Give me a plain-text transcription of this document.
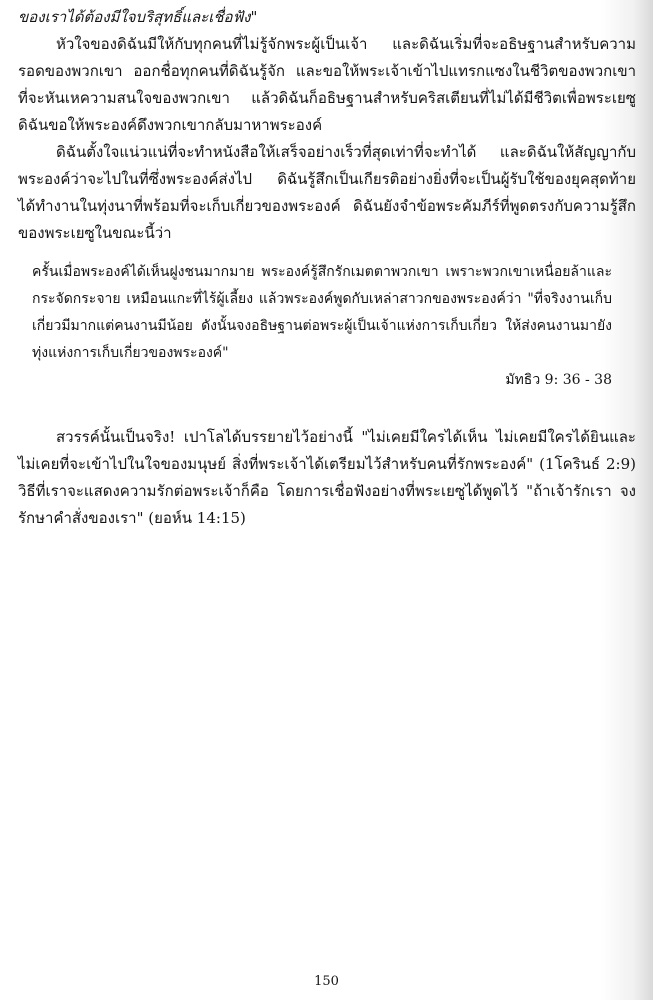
ของเราได้ต้องมีใจบริสุทธิ์และเชื่อฟัง"

หัวใจของดิฉันมีให้กับทุกคนที่ไม่รู้จักพระผู้เป็นเจ้า และดิฉันเริ่มที่จะอธิษฐานสำหรับความรอดของพวกเขา ออกชื่อทุกคนที่ดิฉันรู้จัก และขอให้พระเจ้าเข้าไปแทรกแซงในชีวิตของพวกเขา ที่จะหันเหความสนใจของพวกเขา แล้วดิฉันก็อธิษฐานสำหรับคริสเตียนที่ไม่ได้มีชีวิตเพื่อพระเยซู ดิฉันขอให้พระองค์ดึงพวกเขากลับมาหาพระองค์

ดิฉันตั้งใจแน่วแน่ที่จะทำหนังสือให้เสร็จอย่างเร็วที่สุดเท่าที่จะทำได้ และดิฉันให้สัญญากับพระองค์ว่าจะไปในที่ซึ่งพระองค์ส่งไป ดิฉันรู้สึกเป็นเกียรติอย่างยิ่งที่จะเป็นผู้รับใช้ของยุคสุดท้าย ได้ทำงานในทุ่งนาที่พร้อมที่จะเก็บเกี่ยวของพระองค์ ดิฉันยังจำข้อพระคัมภีร์ที่พูดตรงกับความรู้สึกของพระเยซูในขณะนี้ว่า

ครั้นเมื่อพระองค์ได้เห็นฝูงชนมากมาย พระองค์รู้สึกรักเมตตาพวกเขา เพราะพวกเขาเหนื่อยล้าและกระจัดกระจาย เหมือนแกะที่ไร้ผู้เลี้ยง แล้วพระองค์พูดกับเหล่าสาวกของพระองค์ว่า "ที่จริงงานเก็บเกี่ยวมีมากแต่คนงานมีน้อย ดังนั้นจงอธิษฐานต่อพระผู้เป็นเจ้าแห่งการเก็บเกี่ยว ให้ส่งคนงานมายังทุ่งแห่งการเก็บเกี่ยวของพระองค์"

มัทธิว 9: 36 - 38

สวรรค์นั้นเป็นจริง! เปาโลได้บรรยายไว้อย่างนี้ "ไม่เคยมีใครได้เห็น ไม่เคยมีใครได้ยินและไม่เคยที่จะเข้าไปในใจของมนุษย์ สิ่งที่พระเจ้าได้เตรียมไว้สำหรับคนที่รักพระองค์" (1โครินธ์ 2:9) วิธีที่เราจะแสดงความรักต่อพระเจ้าก็คือ โดยการเชื่อฟังอย่างที่พระเยซูได้พูดไว้ "ถ้าเจ้ารักเรา จงรักษาคำสั่งของเรา" (ยอห์น 14:15)

150
